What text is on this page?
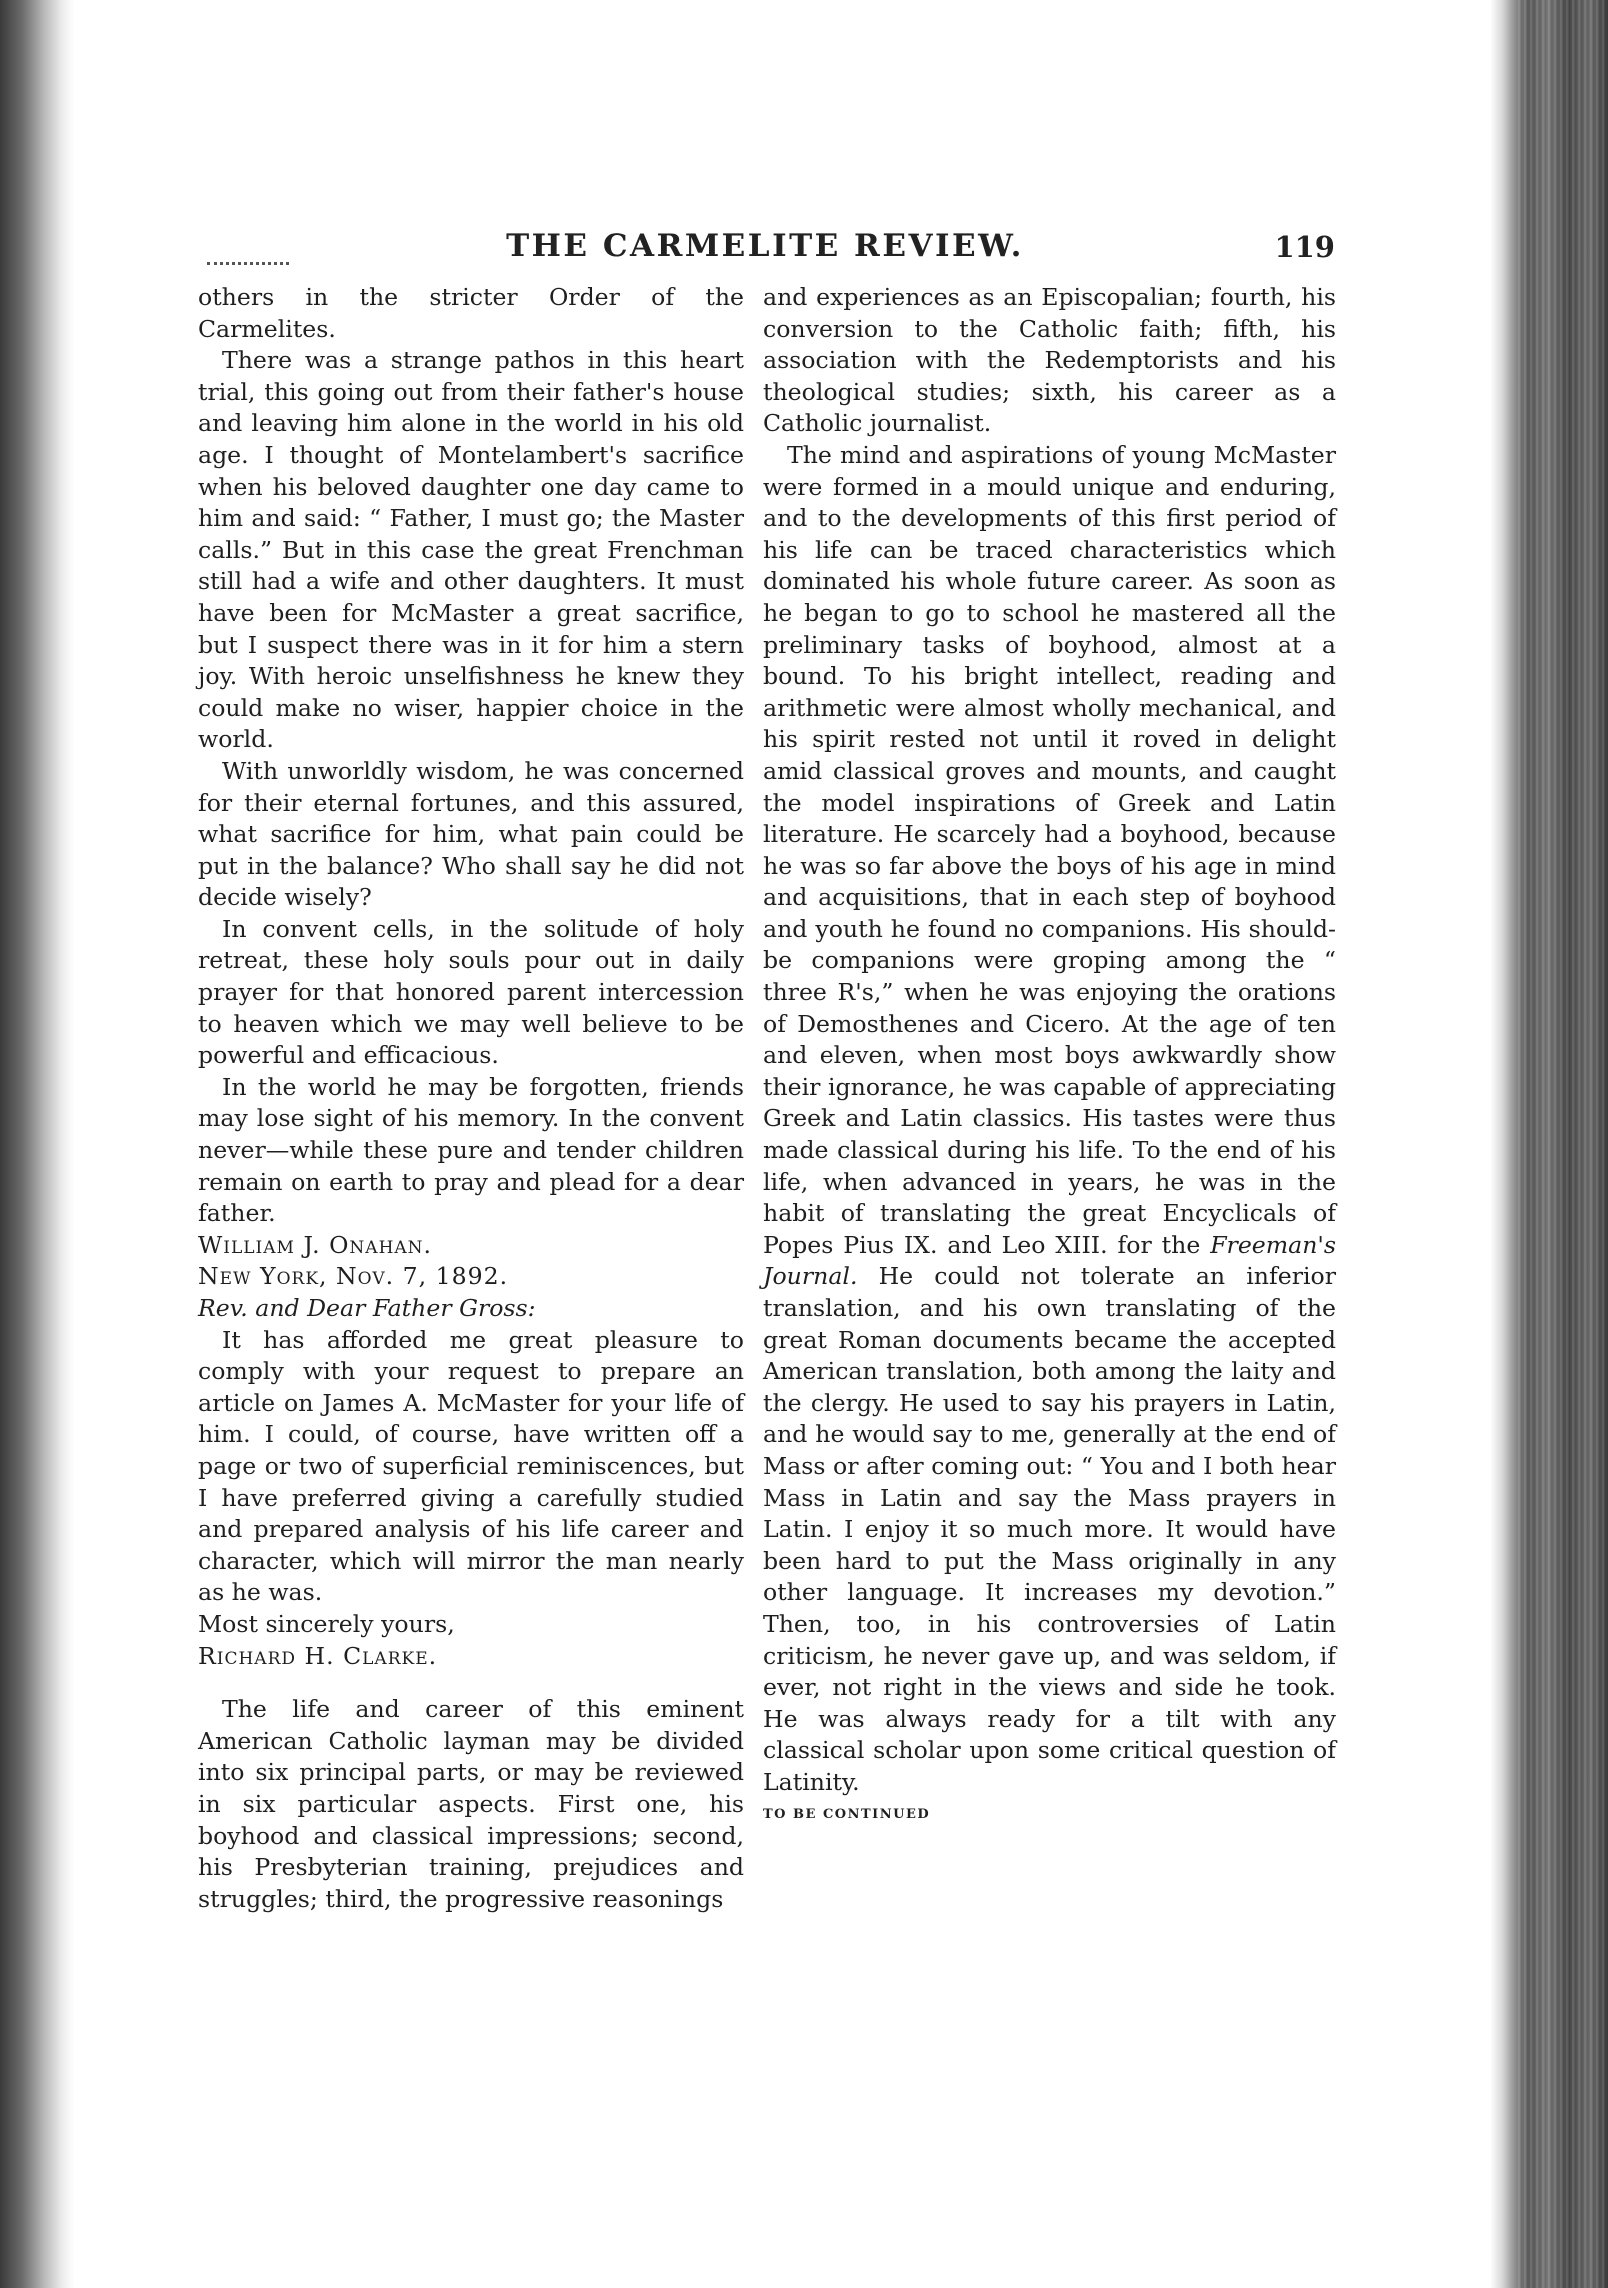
THE CARMELITE REVIEW.	119

others in the stricter Order of the Carmelites.

There was a strange pathos in this heart trial, this going out from their father's house and leaving him alone in the world in his old age. I thought of Montelambert's sacrifice when his beloved daughter one day came to him and said: “ Father, I must go; the Master calls.” But in this case the great Frenchman still had a wife and other daughters. It must have been for McMaster a great sacrifice, but I suspect there was in it for him a stern joy. With heroic unselfishness he knew they could make no wiser, happier choice in the world.

With unworldly wisdom, he was concerned for their eternal fortunes, and this assured, what sacrifice for him, what pain could be put in the balance? Who shall say he did not decide wisely?

In convent cells, in the solitude of holy retreat, these holy souls pour out in daily prayer for that honored parent intercession to heaven which we may well believe to be powerful and efficacious.

In the world he may be forgotten, friends may lose sight of his memory. In the convent never—while these pure and tender children remain on earth to pray and plead for a dear father.

William J. Onahan.

New York, Nov. 7, 1892.

Rev. and Dear Father Gross:

It has afforded me great pleasure to comply with your request to prepare an article on James A. McMaster for your life of him. I could, of course, have written off a page or two of superficial reminiscences, but I have preferred giving a carefully studied and prepared analysis of his life career and character, which will mirror the man nearly as he was.

Most sincerely yours,

Richard H. Clarke.

The life and career of this eminent American Catholic layman may be divided into six principal parts, or may be reviewed in six particular aspects. First one, his boyhood and classical impressions; second, his Presbyterian training, prejudices and struggles; third, the progressive reasonings

and experiences as an Episcopalian; fourth, his conversion to the Catholic faith; fifth, his association with the Redemptorists and his theological studies; sixth, his career as a Catholic journalist.

The mind and aspirations of young McMaster were formed in a mould unique and enduring, and to the developments of this first period of his life can be traced characteristics which dominated his whole future career. As soon as he began to go to school he mastered all the preliminary tasks of boyhood, almost at a bound. To his bright intellect, reading and arithmetic were almost wholly mechanical, and his spirit rested not until it roved in delight amid classical groves and mounts, and caught the model inspirations of Greek and Latin literature. He scarcely had a boyhood, because he was so far above the boys of his age in mind and acquisitions, that in each step of boyhood and youth he found no companions. His should-be companions were groping among the “ three R's,” when he was enjoying the orations of Demosthenes and Cicero. At the age of ten and eleven, when most boys awkwardly show their ignorance, he was capable of appreciating Greek and Latin classics. His tastes were thus made classical during his life. To the end of his life, when advanced in years, he was in the habit of translating the great Encyclicals of Popes Pius IX. and Leo XIII. for the Freeman's Journal. He could not tolerate an inferior translation, and his own translating of the great Roman documents became the accepted American translation, both among the laity and the clergy. He used to say his prayers in Latin, and he would say to me, generally at the end of Mass or after coming out: “ You and I both hear Mass in Latin and say the Mass prayers in Latin. I enjoy it so much more. It would have been hard to put the Mass originally in any other language. It increases my devotion.” Then, too, in his controversies of Latin criticism, he never gave up, and was seldom, if ever, not right in the views and side he took. He was always ready for a tilt with any classical scholar upon some critical question of Latinity.

TO BE CONTINUED
